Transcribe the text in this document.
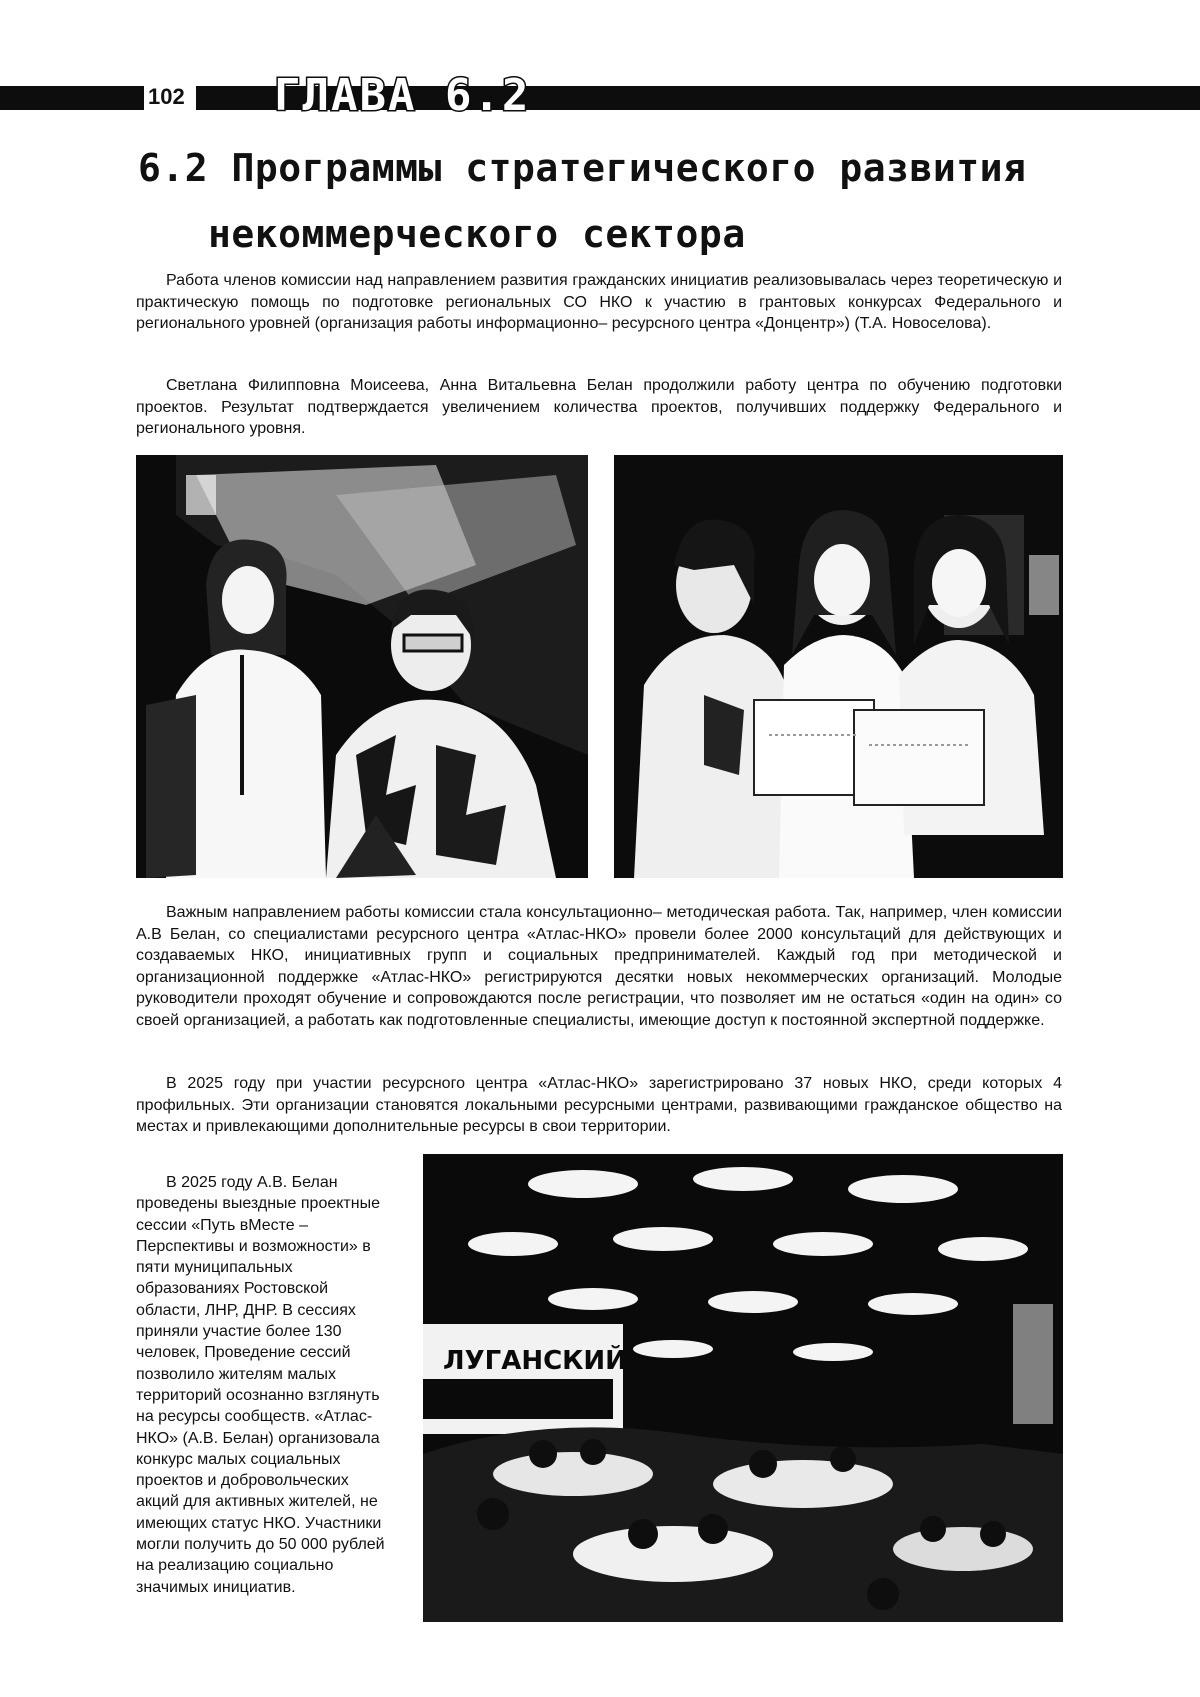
102 ГЛАВА 6.2
6.2 Программы стратегического развития
некоммерческого сектора

Работа членов комиссии над направлением развития гражданских инициатив реализовывалась через теоретическую и практическую помощь по подготовке региональных СО НКО к участию в грантовых конкурсах Федерального и регионального уровней (организация работы информационно– ресурсного центра «Донцентр») (Т.А. Новоселова).

Светлана Филипповна Моисеева, Анна Витальевна Белан продолжили работу центра по обучению подготовки проектов. Результат подтверждается увеличением количества проектов, получивших поддержку Федерального и регионального уровня.

Важным направлением работы комиссии стала консультационно– методическая работа. Так, например, член комиссии А.В Белан, со специалистами ресурсного центра «Атлас-НКО» провели более 2000 консультаций для действующих и создаваемых НКО, инициативных групп и социальных предпринимателей. Каждый год при методической и организационной поддержке «Атлас-НКО» регистрируются десятки новых некоммерческих организаций. Молодые руководители проходят обучение и сопровождаются после регистрации, что позволяет им не остаться «один на один» со своей организацией, а работать как подготовленные специалисты, имеющие доступ к постоянной экспертной поддержке.

В 2025 году при участии ресурсного центра «Атлас-НКО» зарегистрировано 37 новых НКО, среди которых 4 профильных. Эти организации становятся локальными ресурсными центрами, развивающими гражданское общество на местах и привлекающими дополнительные ресурсы в свои территории.

В 2025 году А.В. Белан проведены выездные проектные сессии «Путь вМесте – Перспективы и возможности» в пяти муниципальных образованиях Ростовской области, ЛНР, ДНР. В сессиях приняли участие более 130 человек, Проведение сессий позволило жителям малых территорий осознанно взглянуть на ресурсы сообществ. «Атлас-НКО» (А.В. Белан) организовала конкурс малых социальных проектов и добровольческих акций для активных жителей, не имеющих статус НКО. Участники могли получить до 50 000 рублей на реализацию социально значимых инициатив.

ЛУГАНСКИЙ
